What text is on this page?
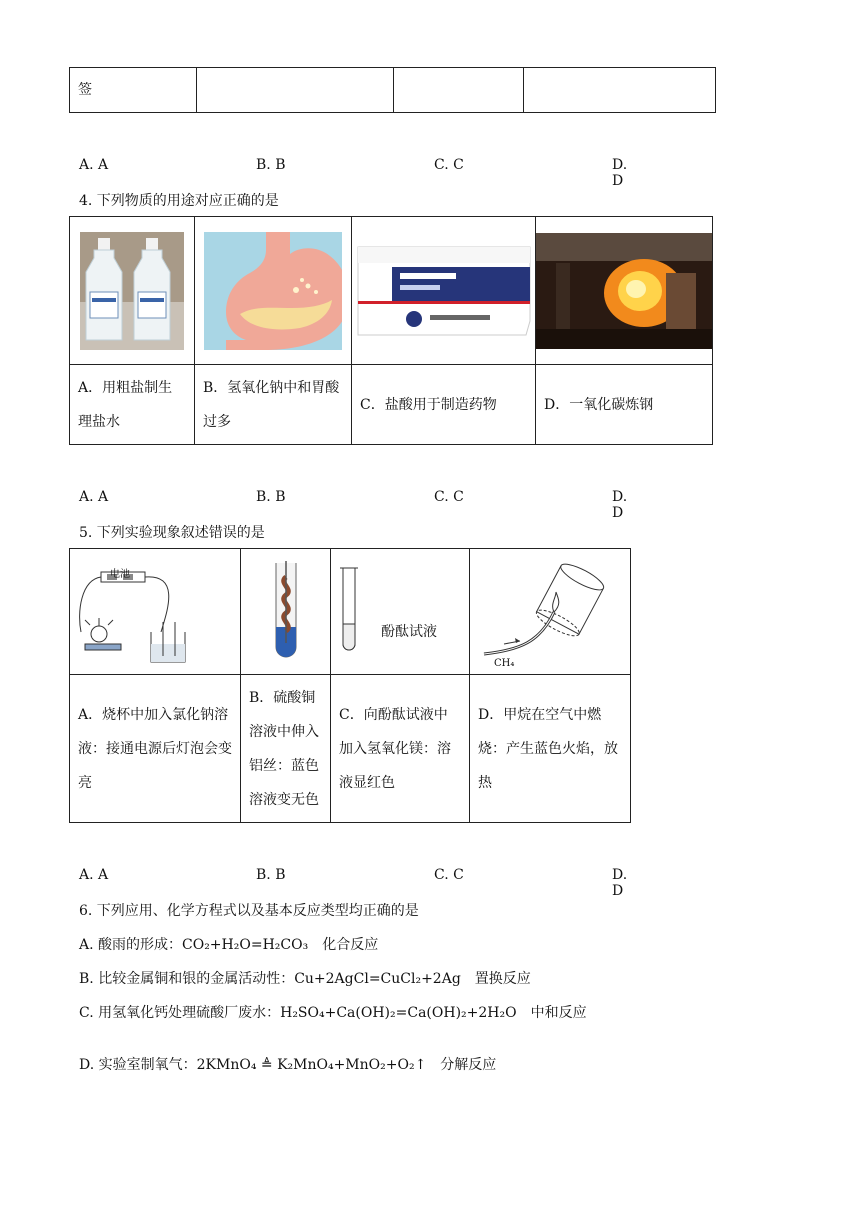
签			
A. A	B. B	C. C	D. D
4. 下列物质的用途对应正确的是

A．用粗盐制生理盐水	B．氢氧化钠中和胃酸过多	C．盐酸用于制造药物	D．一氧化碳炼钢
A. A	B. B	C. C	D. D
5. 下列实验现象叙述错误的是
电池		酚酞试液	CH₄

A．烧杯中加入氯化钠溶液：接通电源后灯泡会变亮	B．硫酸铜溶液中伸入铝丝：蓝色溶液变无色	C．向酚酞试液中加入氢氧化镁：溶液显红色	D．甲烷在空气中燃烧：产生蓝色火焰，放热
A. A	B. B	C. C	D. D
6. 下列应用、化学方程式以及基本反应类型均正确的是
A. 酸雨的形成：CO₂+H₂O=H₂CO₃　化合反应
B. 比较金属铜和银的金属活动性：Cu+2AgCl=CuCl₂+2Ag　置换反应
C. 用氢氧化钙处理硫酸厂废水：H₂SO₄+Ca(OH)₂=Ca(OH)₂+2H₂O　中和反应
D. 实验室制氧气：2KMnO₄ ≜ K₂MnO₄+MnO₂+O₂↑　分解反应
